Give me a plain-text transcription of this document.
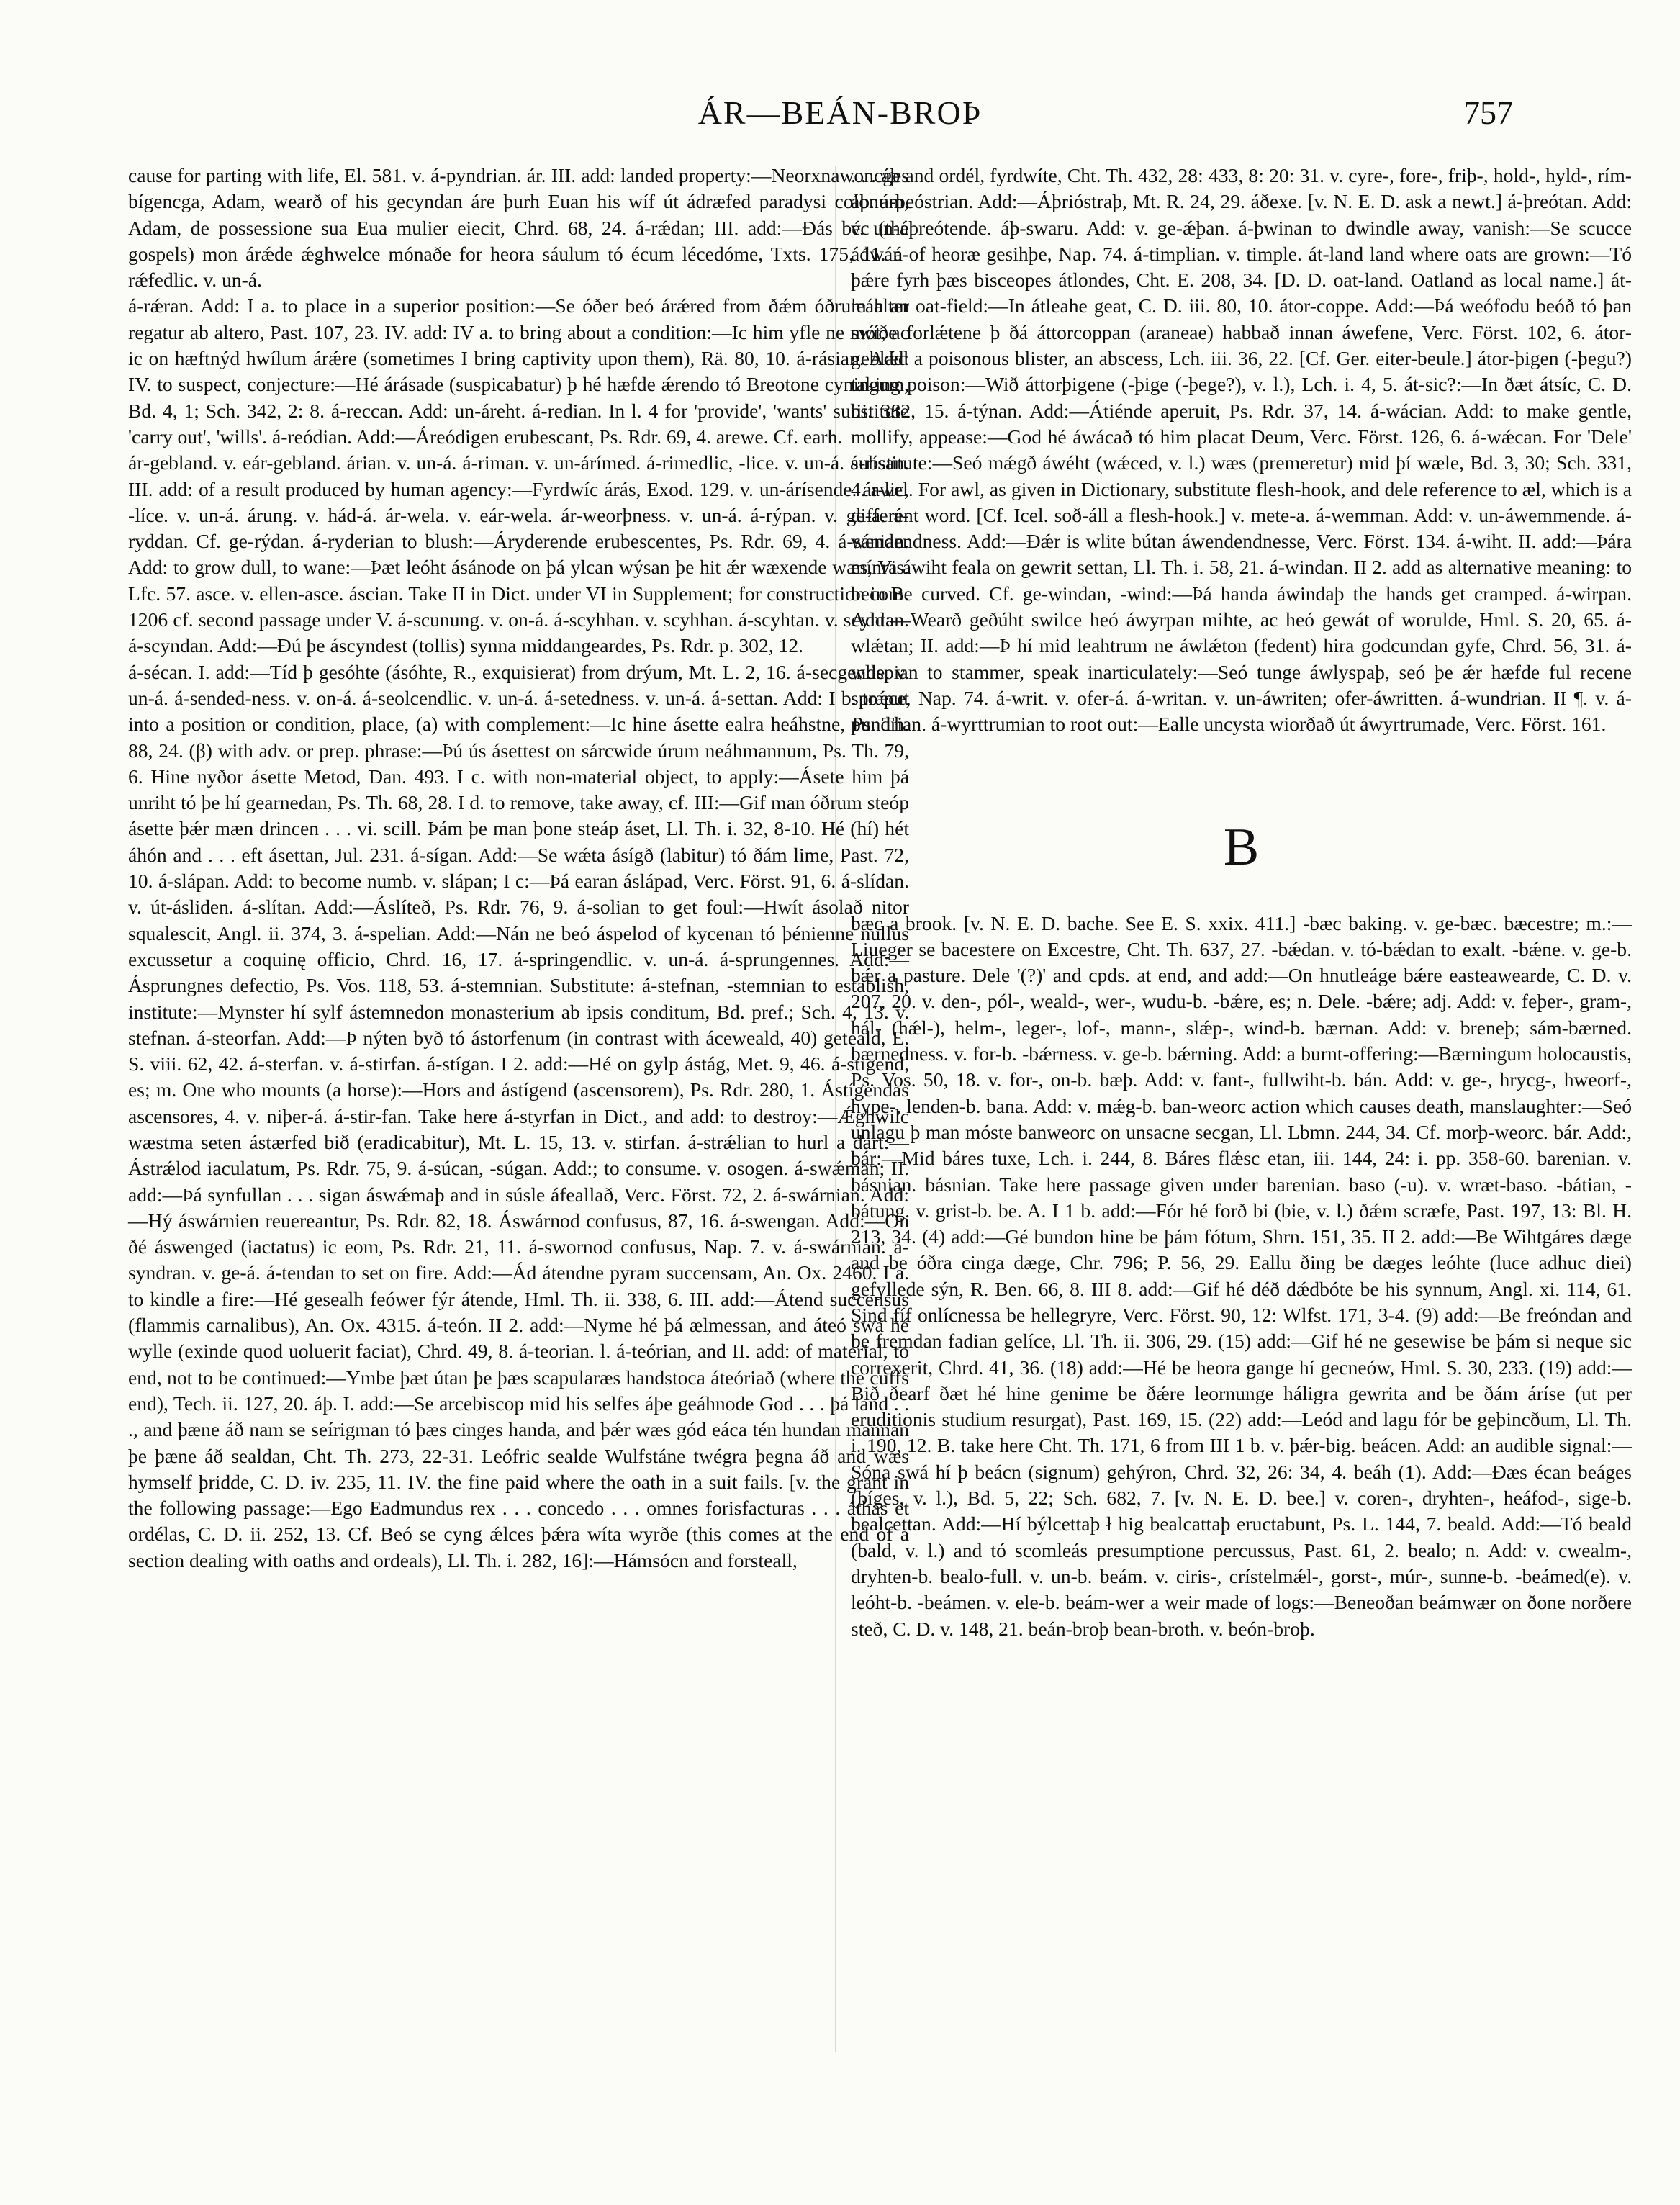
ÁR—BEÁN-BROÞ	757

cause for parting with life, El. 581. v. á-pyndrian. ár. III. add: landed property:—Neorxnawoncges bígencga, Adam, wearð of his gecyndan áre þurh Euan his wíf út ádræfed paradysi colonum, Adam, de possessione sua Eua mulier eiecit, Chrd. 68, 24. á-rǽdan; III. add:—Ðás béc (the gospels) mon árǽde ǽghwelce mónaðe for heora sáulum tó écum lécedóme, Txts. 175, 11. á-rǽfedlic. v. un-á.

á-rǽran. Add: I a. to place in a superior position:—Se óðer beó árǽred from ðǽm óðrum alter regatur ab altero, Past. 107, 23. IV. add: IV a. to bring about a condition:—Ic him yfle ne mót, ac ic on hæftnýd hwílum árǽre (sometimes I bring captivity upon them), Rä. 80, 10. á-rásian. Add: IV. to suspect, conjecture:—Hé árásade (suspicabatur) þ hé hæfde ǽrendo tó Breotone cyningum, Bd. 4, 1; Sch. 342, 2: 8. á-reccan. Add: un-áreht. á-redian. In l. 4 for 'provide', 'wants' substitute 'carry out', 'wills'. á-reódian. Add:—Áreódigen erubescant, Ps. Rdr. 69, 4. arewe. Cf. earh.

ár-gebland. v. eár-gebland. árian. v. un-á. á-riman. v. un-árímed. á-rimedlic, -lice. v. un-á. á-rísan. III. add: of a result produced by human agency:—Fyrdwíc árás, Exod. 129. v. un-árísende. ár-lic, -líce. v. un-á. árung. v. hád-á. ár-wela. v. eár-wela. ár-weorþness. v. un-á. á-rýpan. v. ge-á. á-ryddan. Cf. ge-rýdan. á-ryderian to blush:—Áryderende erubescentes, Ps. Rdr. 69, 4. á-sánian. Add: to grow dull, to wane:—Þæt leóht ásánode on þá ylcan wýsan þe hit ǽr wæxende wæs, Vis. Lfc. 57. asce. v. ellen-asce. áscian. Take II in Dict. under VI in Supplement; for construction in B. 1206 cf. second passage under V. á-scunung. v. on-á. á-scyhhan. v. scyhhan. á-scyhtan. v. scyhtan. á-scyndan. Add:—Ðú þe áscyndest (tollis) synna middangeardes, Ps. Rdr. p. 302, 12.

á-sécan. I. add:—Tíd þ gesóhte (ásóhte, R., exquisierat) from drýum, Mt. L. 2, 16. á-secgende. v. un-á. á-sended-ness. v. on-á. á-seolcendlic. v. un-á. á-setedness. v. un-á. á-settan. Add: I b. to put into a position or condition, place, (a) with complement:—Ic hine ásette ealra heáhstne, Ps. Th. 88, 24. (β) with adv. or prep. phrase:—Þú ús ásettest on sárcwide úrum neáhmannum, Ps. Th. 79, 6. Hine nyðor ásette Metod, Dan. 493. I c. with non-material object, to apply:—Ásete him þá unriht tó þe hí gearnedan, Ps. Th. 68, 28. I d. to remove, take away, cf. III:—Gif man óðrum steóp ásette þǽr mæn drincen . . . vi. scill. Þám þe man þone steáp áset, Ll. Th. i. 32, 8-10. Hé (hí) hét áhón and . . . eft ásettan, Jul. 231. á-sígan. Add:—Se wǽta ásígð (labitur) tó ðám lime, Past. 72, 10. á-slápan. Add: to become numb. v. slápan; I c:—Þá earan áslápad, Verc. Först. 91, 6. á-slídan. v. út-ásliden. á-slítan. Add:—Áslíteð, Ps. Rdr. 76, 9. á-solian to get foul:—Hwít ásolað nitor squalescit, Angl. ii. 374, 3. á-spelian. Add:—Nán ne beó áspelod of kycenan tó þénienne nullus excussetur a coquinę officio, Chrd. 16, 17. á-springendlic. v. un-á. á-sprungennes. Add:—Ásprungnes defectio, Ps. Vos. 118, 53. á-stemnian. Substitute: á-stefnan, -stemnian to establish, institute:—Mynster hí sylf ástemnedon monasterium ab ipsis conditum, Bd. pref.; Sch. 4, 13. v. stefnan. á-steorfan. Add:—Þ nýten byð tó ástorfenum (in contrast with áceweald, 40) geteald, E. S. viii. 62, 42. á-sterfan. v. á-stirfan. á-stígan. I 2. add:—Hé on gylp ástág, Met. 9, 46. á-stigend, es; m. One who mounts (a horse):—Hors and ástígend (ascensorem), Ps. Rdr. 280, 1. Ástígendas ascensores, 4. v. niþer-á. á-stir-fan. Take here á-styrfan in Dict., and add: to destroy:—Ǽghwilc wæstma seten ástærfed bið (eradicabitur), Mt. L. 15, 13. v. stirfan. á-strǽlian to hurl a dart:—Ástrǽlod iaculatum, Ps. Rdr. 75, 9. á-súcan, -súgan. Add:; to consume. v. osogen. á-swǽman; II. add:—Þá synfullan . . . sigan áswǽmaþ and in súsle áfeallað, Verc. Först. 72, 2. á-swárnian. Add:—Hý áswárnien reuereantur, Ps. Rdr. 82, 18. Áswárnod confusus, 87, 16. á-swengan. Add:—On ðé áswenged (iactatus) ic eom, Ps. Rdr. 21, 11. á-swornod confusus, Nap. 7. v. á-swárnian. á-syndran. v. ge-á. á-tendan to set on fire. Add:—Ád átendne pyram succensam, An. Ox. 2460. I a. to kindle a fire:—Hé gesealh feówer fýr átende, Hml. Th. ii. 338, 6. III. add:—Átend succensus (flammis carnalibus), An. Ox. 4315. á-teón. II 2. add:—Nyme hé þá ælmessan, and áteó swá hé wylle (exinde quod uoluerit faciat), Chrd. 49, 8. á-teorian. l. á-teórian, and II. add: of material, to end, not to be continued:—Ymbe þæt útan þe þæs scapularæs handstoca áteóriað (where the cuffs end), Tech. ii. 127, 20. áþ. I. add:—Se arcebiscop mid his selfes áþe geáhnode God . . . þá land . . ., and þæne áð nam se seírigman tó þæs cinges handa, and þǽr wæs gód eáca tén hundan mannan þe þæne áð sealdan, Cht. Th. 273, 22-31. Leófric sealde Wulfstáne twégra þegna áð and wæs hymself þridde, C. D. iv. 235, 11. IV. the fine paid where the oath in a suit fails. [v. the grant in the following passage:—Ego Eadmundus rex . . . concedo . . . omnes forisfacturas . . . áthas et ordélas, C. D. ii. 252, 13. Cf. Beó se cyng ǽlces þǽra wíta wyrðe (this comes at the end of a section dealing with oaths and ordeals), Ll. Th. i. 282, 16]:—Hámsócn and forsteall,

. . . áþ and ordél, fyrdwíte, Cht. Th. 432, 28: 433, 8: 20: 31. v. cyre-, fore-, friþ-, hold-, hyld-, rím-áþ. á-þeóstrian. Add:—Áþrióstraþ, Mt. R. 24, 29. áðexe. [v. N. E. D. ask a newt.] á-þreótan. Add: v. un-áþreótende. áþ-swaru. Add: v. ge-ǽþan. á-þwinan to dwindle away, vanish:—Se scucce ádwán of heoræ gesihþe, Nap. 74. á-timplian. v. timple. át-land land where oats are grown:—Tó þǽre fyrh þæs bisceopes átlondes, Cht. E. 208, 34. [D. D. oat-land. Oatland as local name.] át-leáh an oat-field:—In átleahe geat, C. D. iii. 80, 10. átor-coppe. Add:—Þá weófodu beóð tó þan swíðe forlǽtene þ ðá áttorcoppan (araneae) habbað innan áwefene, Verc. Först. 102, 6. átor-geblǽd a poisonous blister, an abscess, Lch. iii. 36, 22. [Cf. Ger. eiter-beule.] átor-þigen (-þegu?) taking poison:—Wið áttorþigene (-þige (-þege?), v. l.), Lch. i. 4, 5. át-sic?:—In ðæt átsíc, C. D. iii. 382, 15. á-týnan. Add:—Átiénde aperuit, Ps. Rdr. 37, 14. á-wácian. Add: to make gentle, mollify, appease:—God hé áwácað tó him placat Deum, Verc. Först. 126, 6. á-wǽcan. For 'Dele' substitute:—Seó mǽgð áwéht (wǽced, v. l.) wæs (premeretur) mid þí wæle, Bd. 3, 30; Sch. 331, 4. awel. For awl, as given in Dictionary, substitute flesh-hook, and dele reference to æl, which is a different word. [Cf. Icel. soð-áll a flesh-hook.] v. mete-a. á-wemman. Add: v. un-áwemmende. á-wendendness. Add:—Ðǽr is wlite bútan áwendendnesse, Verc. Först. 134. á-wiht. II. add:—Þára mínra áwiht feala on gewrit settan, Ll. Th. i. 58, 21. á-windan. II 2. add as alternative meaning: to become curved. Cf. ge-windan, -wind:—Þá handa áwindaþ the hands get cramped. á-wirpan. Add:—Wearð geðúht swilce heó áwyrpan mihte, ac heó gewát of worulde, Hml. S. 20, 65. á-wlǽtan; II. add:—Þ hí mid leahtrum ne áwlǽton (fedent) hira godcundan gyfe, Chrd. 56, 31. á-wlispian to stammer, speak inarticulately:—Seó tunge áwlyspaþ, seó þe ǽr hæfde ful recene sprǽce, Nap. 74. á-writ. v. ofer-á. á-writan. v. un-áwriten; ofer-áwritten. á-wundrian. II ¶. v. á-pundrian. á-wyrttrumian to root out:—Ealle uncysta wiorðað út áwyrtrumade, Verc. Först. 161.

B

bæc a brook. [v. N. E. D. bache. See E. S. xxix. 411.] -bæc baking. v. ge-bæc. bæcestre; m.:—Liueger se bacestere on Excestre, Cht. Th. 637, 27. -bǽdan. v. tó-bǽdan to exalt. -bǽne. v. ge-b. bǽr a pasture. Dele '(?)' and cpds. at end, and add:—On hnutleáge bǽre easteawearde, C. D. v. 207, 20. v. den-, pól-, weald-, wer-, wudu-b. -bǽre, es; n. Dele. -bǽre; adj. Add: v. feþer-, gram-, hál- (hǽl-), helm-, leger-, lof-, mann-, slǽp-, wind-b. bærnan. Add: v. breneþ; sám-bærned. bærnedness. v. for-b. -bǽrness. v. ge-b. bǽrning. Add: a burnt-offering:—Bærningum holocaustis, Ps. Vos. 50, 18. v. for-, on-b. bæþ. Add: v. fant-, fullwiht-b. bán. Add: v. ge-, hrycg-, hweorf-, hype-, lenden-b. bana. Add: v. mǽg-b. ban-weorc action which causes death, manslaughter:—Seó unlagu þ man móste banweorc on unsacne secgan, Ll. Lbmn. 244, 34. Cf. morþ-weorc. bár. Add:, bár:—Mid báres tuxe, Lch. i. 244, 8. Báres flǽsc etan, iii. 144, 24: i. pp. 358-60. barenian. v. básnian. básnian. Take here passage given under barenian. baso (-u). v. wræt-baso. -bátian, -bátung. v. grist-b. be. A. I 1 b. add:—Fór hé forð bi (bie, v. l.) ðǽm scræfe, Past. 197, 13: Bl. H. 213, 34. (4) add:—Gé bundon hine be þám fótum, Shrn. 151, 35. II 2. add:—Be Wihtgáres dæge and be óðra cinga dæge, Chr. 796; P. 56, 29. Eallu ðing be dæges leóhte (luce adhuc diei) gefyllede sýn, R. Ben. 66, 8. III 8. add:—Gif hé déð dǽdbóte be his synnum, Angl. xi. 114, 61. Sind fíf onlícnessa be hellegryre, Verc. Först. 90, 12: Wlfst. 171, 3-4. (9) add:—Be freóndan and be fremdan fadian gelíce, Ll. Th. ii. 306, 29. (15) add:—Gif hé ne gesewise be þám si neque sic correxerit, Chrd. 41, 36. (18) add:—Hé be heora gange hí gecneów, Hml. S. 30, 233. (19) add:—Bið ðearf ðæt hé hine genime be ðǽre leornunge háligra gewrita and be ðám áríse (ut per eruditionis studium resurgat), Past. 169, 15. (22) add:—Leód and lagu fór be geþincðum, Ll. Th. i. 190, 12. B. take here Cht. Th. 171, 6 from III 1 b. v. þǽr-big. beácen. Add: an audible signal:—Sóna swá hí þ beácn (signum) gehýron, Chrd. 32, 26: 34, 4. beáh (1). Add:—Ðæs écan beáges (bíges, v. l.), Bd. 5, 22; Sch. 682, 7. [v. N. E. D. bee.] v. coren-, dryhten-, heáfod-, sige-b. bealcettan. Add:—Hí býlcettaþ ł hig bealcattaþ eructabunt, Ps. L. 144, 7. beald. Add:—Tó beald (bald, v. l.) and tó scomleás presumptione percussus, Past. 61, 2. bealo; n. Add: v. cwealm-, dryhten-b. bealo-full. v. un-b. beám. v. ciris-, crístelmǽl-, gorst-, múr-, sunne-b. -beámed(e). v. leóht-b. -beámen. v. ele-b. beám-wer a weir made of logs:—Beneoðan beámwær on ðone norðere steð, C. D. v. 148, 21. beán-broþ bean-broth. v. beón-broþ.
